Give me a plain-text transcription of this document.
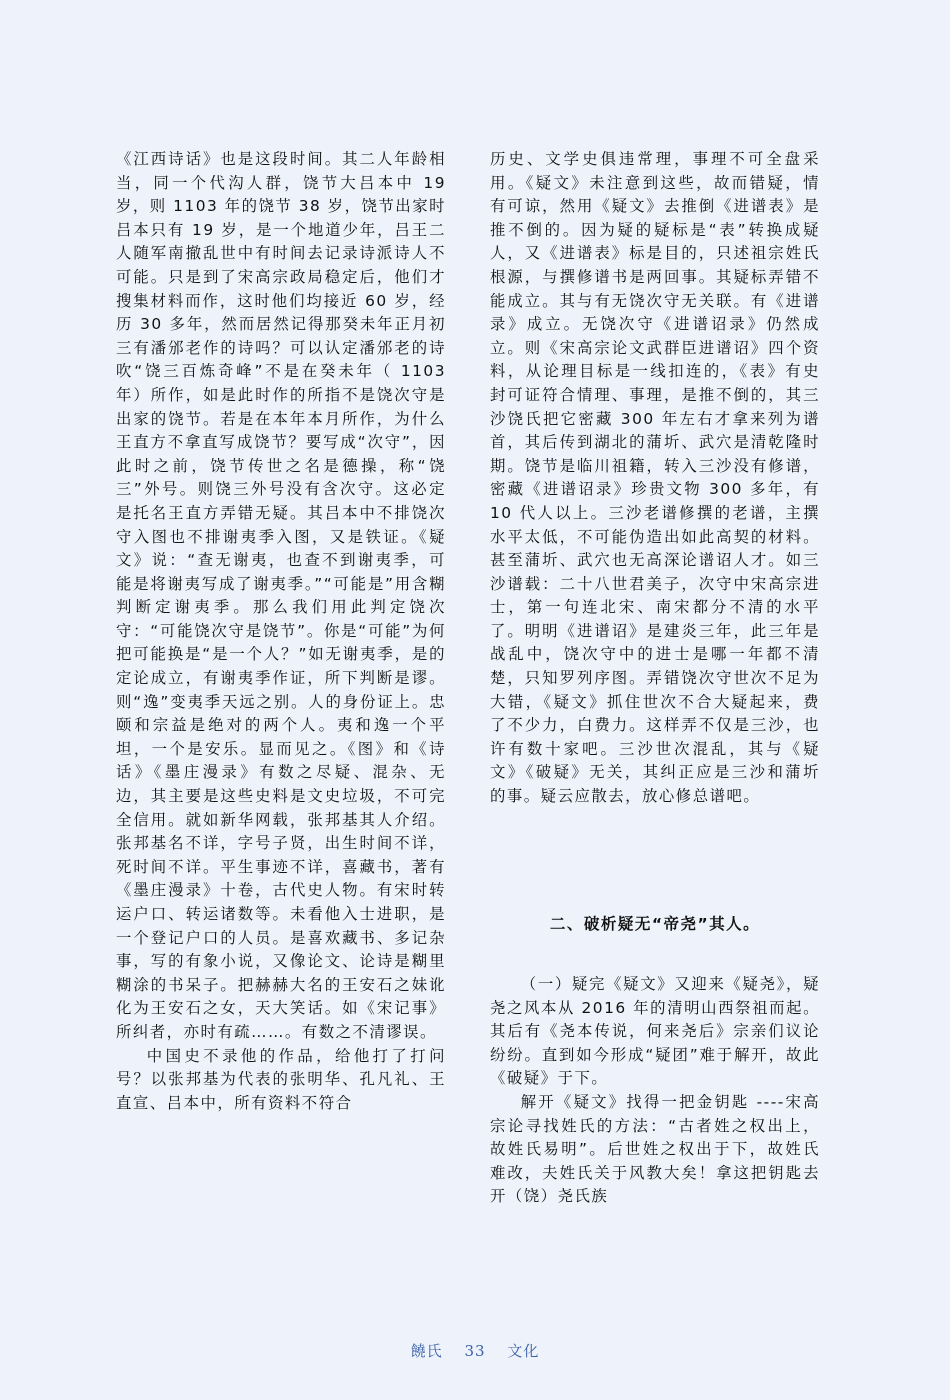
《江西诗话》也是这段时间。其二人年龄相当，同一个代沟人群，饶节大吕本中 19 岁，则 1103 年的饶节 38 岁，饶节出家时吕本只有 19 岁，是一个地道少年，吕王二人随军南撤乱世中有时间去记录诗派诗人不可能。只是到了宋高宗政局稳定后，他们才搜集材料而作，这时他们均接近 60 岁，经历 30 多年，然而居然记得那癸未年正月初三有潘邠老作的诗吗？可以认定潘邠老的诗吹“饶三百炼奇峰”不是在癸未年（ 1103 年）所作，如是此时作的所指不是饶次守是出家的饶节。若是在本年本月所作，为什么王直方不拿直写成饶节？要写成“次守”，因此时之前，饶节传世之名是德操，称“饶三”外号。则饶三外号没有含次守。这必定是托名王直方弄错无疑。其吕本中不排饶次守入图也不排谢夷季入图，又是铁证。《疑文》说：“查无谢夷，也查不到谢夷季，可能是将谢夷写成了谢夷季。”“可能是”用含糊判断定谢夷季。那么我们用此判定饶次守：“可能饶次守是饶节”。你是“可能”为何把可能换是“是一个人？”如无谢夷季，是的定论成立，有谢夷季作证，所下判断是谬。则“逸”变夷季天远之别。人的身份证上。忠颐和宗益是绝对的两个人。夷和逸一个平坦，一个是安乐。显而见之。《图》和《诗话》《墨庄漫录》有数之尽疑、混杂、无边，其主要是这些史料是文史垃圾，不可完全信用。就如新华网载，张邦基其人介绍。张邦基名不详，字号子贤，出生时间不详，死时间不详。平生事迹不详，喜藏书，著有《墨庄漫录》十卷，古代史人物。有宋时转运户口、转运诸数等。未看他入士进职，是一个登记户口的人员。是喜欢藏书、多记杂事，写的有象小说，又像论文、论诗是糊里糊涂的书呆子。把赫赫大名的王安石之妹讹化为王安石之女，天大笑话。如《宋记事》所纠者，亦时有疏……。有数之不清谬误。

中国史不录他的作品，给他打了打问号？以张邦基为代表的张明华、孔凡礼、王直宣、吕本中，所有资料不符合

历史、文学史俱违常理，事理不可全盘采用。《疑文》未注意到这些，故而错疑，情有可谅，然用《疑文》去推倒《进谱表》是推不倒的。因为疑的疑标是“表”转换成疑人，又《进谱表》标是目的，只述祖宗姓氏根源，与撰修谱书是两回事。其疑标弄错不能成立。其与有无饶次守无关联。有《进谱录》成立。无饶次守《进谱诏录》仍然成立。则《宋高宗论文武群臣进谱诏》四个资料，从论理目标是一线扣连的，《表》有史封可证符合情理、事理，是推不倒的，其三沙饶氏把它密藏 300 年左右才拿来列为谱首，其后传到湖北的蒲圻、武穴是清乾隆时期。饶节是临川祖籍，转入三沙没有修谱，密藏《进谱诏录》珍贵文物 300 多年，有 10 代人以上。三沙老谱修撰的老谱，主撰水平太低，不可能伪造出如此高契的材料。甚至蒲圻、武穴也无高深论谱诏人才。如三沙谱载：二十八世君美子，次守中宋高宗进士，第一句连北宋、南宋都分不清的水平了。明明《进谱诏》是建炎三年，此三年是战乱中，饶次守中的进士是哪一年都不清楚，只知罗列序图。弄错饶次守世次不足为大错，《疑文》抓住世次不合大疑起来，费了不少力，白费力。这样弄不仅是三沙，也许有数十家吧。三沙世次混乱，其与《疑文》《破疑》无关，其纠正应是三沙和蒲圻的事。疑云应散去，放心修总谱吧。

二、破析疑无“帝尧”其人。

（一）疑完《疑文》又迎来《疑尧》，疑尧之风本从 2016 年的清明山西祭祖而起。其后有《尧本传说，何来尧后》宗亲们议论纷纷。直到如今形成“疑团”难于解开，故此《破疑》于下。

解开《疑文》找得一把金钥匙 ----宋高宗论寻找姓氏的方法：“古者姓之权出上，故姓氏易明”。后世姓之权出于下，故姓氏难改，夫姓氏关于风教大矣！拿这把钥匙去开（饶）尧氏族

饒氏 33 文化
